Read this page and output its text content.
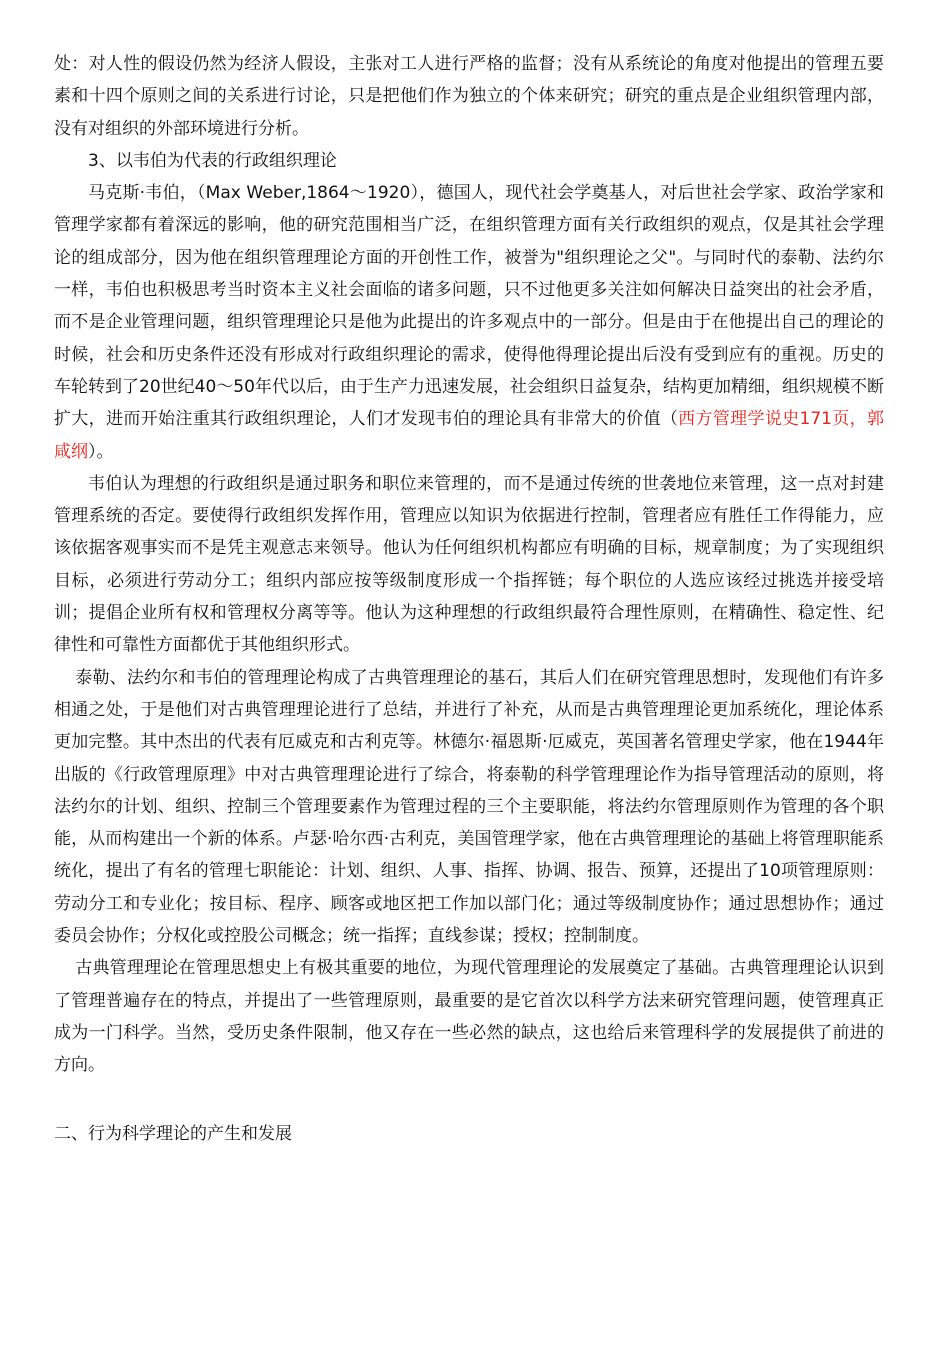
处：对人性的假设仍然为经济人假设，主张对工人进行严格的监督；没有从系统论的角度对他提出的管理五要素和十四个原则之间的关系进行讨论，只是把他们作为独立的个体来研究；研究的重点是企业组织管理内部，没有对组织的外部环境进行分析。

3、以韦伯为代表的行政组织理论

马克斯·韦伯，（Max Weber,1864～1920），德国人，现代社会学奠基人，对后世社会学家、政治学家和管理学家都有着深远的影响，他的研究范围相当广泛，在组织管理方面有关行政组织的观点，仅是其社会学理论的组成部分，因为他在组织管理理论方面的开创性工作，被誉为"组织理论之父"。与同时代的泰勒、法约尔一样，韦伯也积极思考当时资本主义社会面临的诸多问题，只不过他更多关注如何解决日益突出的社会矛盾，而不是企业管理问题，组织管理理论只是他为此提出的许多观点中的一部分。但是由于在他提出自己的理论的时候，社会和历史条件还没有形成对行政组织理论的需求，使得他得理论提出后没有受到应有的重视。历史的车轮转到了20世纪40～50年代以后，由于生产力迅速发展，社会组织日益复杂，结构更加精细，组织规模不断扩大，进而开始注重其行政组织理论，人们才发现韦伯的理论具有非常大的价值（西方管理学说史171页，郭咸纲）。

韦伯认为理想的行政组织是通过职务和职位来管理的，而不是通过传统的世袭地位来管理，这一点对封建管理系统的否定。要使得行政组织发挥作用，管理应以知识为依据进行控制，管理者应有胜任工作得能力，应该依据客观事实而不是凭主观意志来领导。他认为任何组织机构都应有明确的目标，规章制度；为了实现组织目标，必须进行劳动分工；组织内部应按等级制度形成一个指挥链；每个职位的人选应该经过挑选并接受培训；提倡企业所有权和管理权分离等等。他认为这种理想的行政组织最符合理性原则，在精确性、稳定性、纪律性和可靠性方面都优于其他组织形式。

泰勒、法约尔和韦伯的管理理论构成了古典管理理论的基石，其后人们在研究管理思想时，发现他们有许多相通之处，于是他们对古典管理理论进行了总结，并进行了补充，从而是古典管理理论更加系统化，理论体系更加完整。其中杰出的代表有厄威克和古利克等。林德尔·福恩斯·厄威克，英国著名管理史学家，他在1944年出版的《行政管理原理》中对古典管理理论进行了综合，将泰勒的科学管理理论作为指导管理活动的原则，将法约尔的计划、组织、控制三个管理要素作为管理过程的三个主要职能，将法约尔管理原则作为管理的各个职能，从而构建出一个新的体系。卢瑟·哈尔西·古利克，美国管理学家，他在古典管理理论的基础上将管理职能系统化，提出了有名的管理七职能论：计划、组织、人事、指挥、协调、报告、预算，还提出了10项管理原则：劳动分工和专业化；按目标、程序、顾客或地区把工作加以部门化；通过等级制度协作；通过思想协作；通过委员会协作；分权化或控股公司概念；统一指挥；直线参谋；授权；控制制度。

古典管理理论在管理思想史上有极其重要的地位，为现代管理理论的发展奠定了基础。古典管理理论认识到了管理普遍存在的特点，并提出了一些管理原则，最重要的是它首次以科学方法来研究管理问题，使管理真正成为一门科学。当然，受历史条件限制，他又存在一些必然的缺点，这也给后来管理科学的发展提供了前进的方向。

二、行为科学理论的产生和发展
